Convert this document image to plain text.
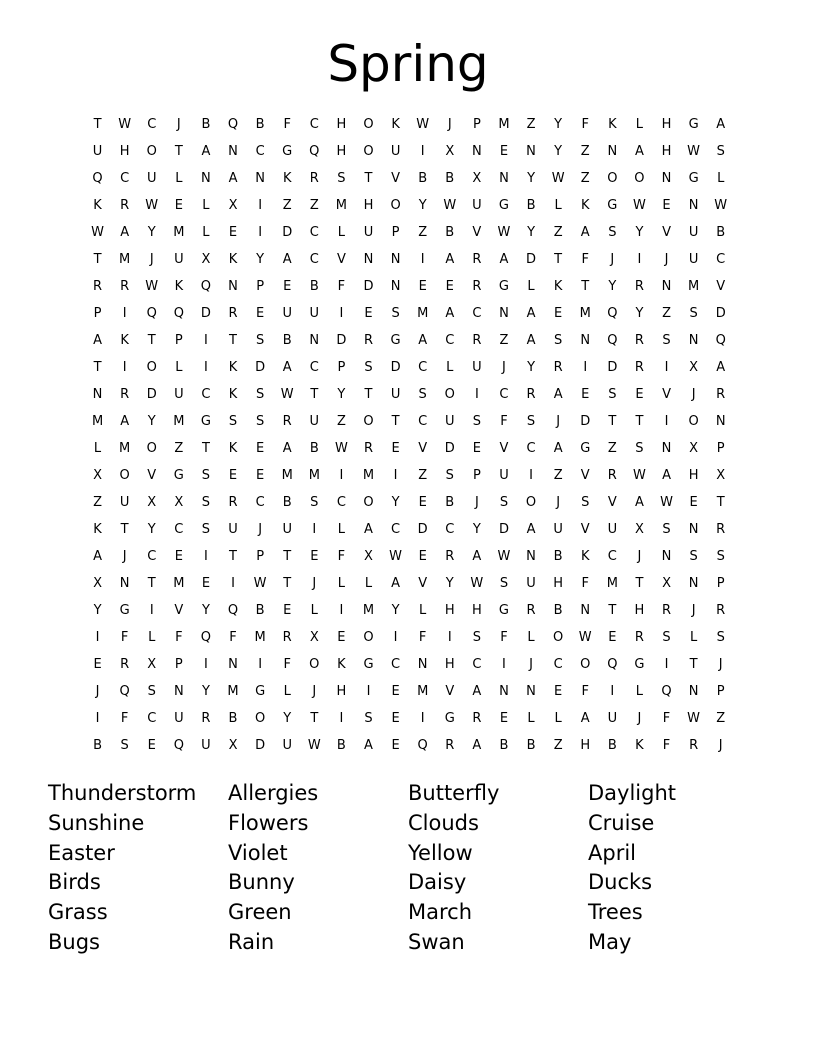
Spring
T	W	C	J	B	Q	B	F	C	H	O	K	W	J	P	M	Z	Y	F	K	L	H	G	A
U	H	O	T	A	N	C	G	Q	H	O	U	I	X	N	E	N	Y	Z	N	A	H	W	S
Q	C	U	L	N	A	N	K	R	S	T	V	B	B	X	N	Y	W	Z	O	O	N	G	L
K	R	W	E	L	X	I	Z	Z	M	H	O	Y	W	U	G	B	L	K	G	W	E	N	W
W	A	Y	M	L	E	I	D	C	L	U	P	Z	B	V	W	Y	Z	A	S	Y	V	U	B
T	M	J	U	X	K	Y	A	C	V	N	N	I	A	R	A	D	T	F	J	I	J	U	C
R	R	W	K	Q	N	P	E	B	F	D	N	E	E	R	G	L	K	T	Y	R	N	M	V
P	I	Q	Q	D	R	E	U	U	I	E	S	M	A	C	N	A	E	M	Q	Y	Z	S	D
A	K	T	P	I	T	S	B	N	D	R	G	A	C	R	Z	A	S	N	Q	R	S	N	Q
T	I	O	L	I	K	D	A	C	P	S	D	C	L	U	J	Y	R	I	D	R	I	X	A
N	R	D	U	C	K	S	W	T	Y	T	U	S	O	I	C	R	A	E	S	E	V	J	R
M	A	Y	M	G	S	S	R	U	Z	O	T	C	U	S	F	S	J	D	T	T	I	O	N
L	M	O	Z	T	K	E	A	B	W	R	E	V	D	E	V	C	A	G	Z	S	N	X	P
X	O	V	G	S	E	E	M	M	I	M	I	Z	S	P	U	I	Z	V	R	W	A	H	X
Z	U	X	X	S	R	C	B	S	C	O	Y	E	B	J	S	O	J	S	V	A	W	E	T
K	T	Y	C	S	U	J	U	I	L	A	C	D	C	Y	D	A	U	V	U	X	S	N	R
A	J	C	E	I	T	P	T	E	F	X	W	E	R	A	W	N	B	K	C	J	N	S	S
X	N	T	M	E	I	W	T	J	L	L	A	V	Y	W	S	U	H	F	M	T	X	N	P
Y	G	I	V	Y	Q	B	E	L	I	M	Y	L	H	H	G	R	B	N	T	H	R	J	R
I	F	L	F	Q	F	M	R	X	E	O	I	F	I	S	F	L	O	W	E	R	S	L	S
E	R	X	P	I	N	I	F	O	K	G	C	N	H	C	I	J	C	O	Q	G	I	T	J
J	Q	S	N	Y	M	G	L	J	H	I	E	M	V	A	N	N	E	F	I	L	Q	N	P
I	F	C	U	R	B	O	Y	T	I	S	E	I	G	R	E	L	L	A	U	J	F	W	Z
B	S	E	Q	U	X	D	U	W	B	A	E	Q	R	A	B	B	Z	H	B	K	F	R	J
Thunderstorm	Allergies	Butterfly	Daylight
Sunshine	Flowers	Clouds	Cruise
Easter	Violet	Yellow	April
Birds	Bunny	Daisy	Ducks
Grass	Green	March	Trees
Bugs	Rain	Swan	May
